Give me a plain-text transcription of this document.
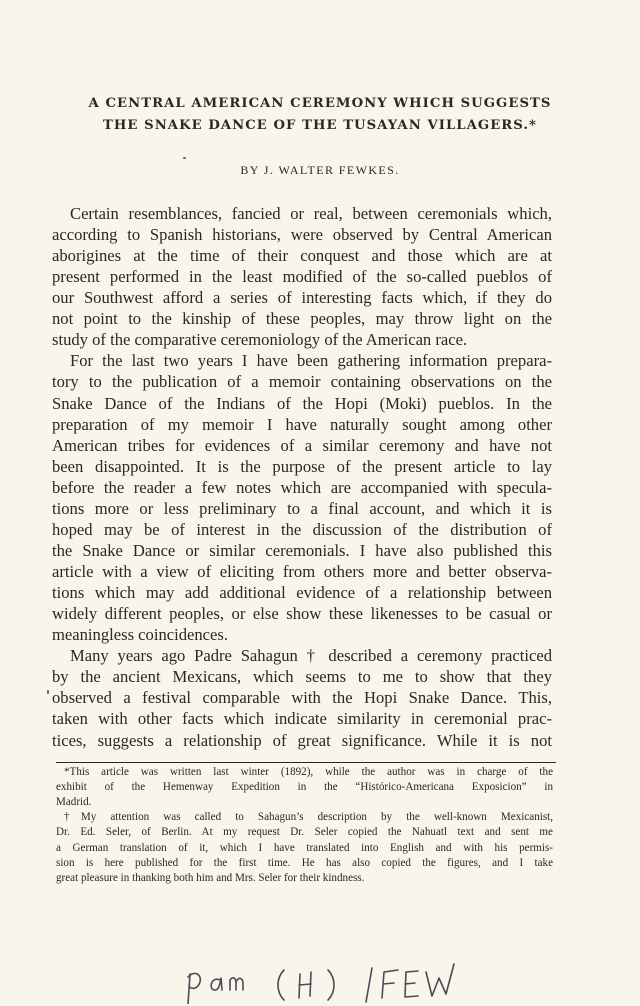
A CENTRAL AMERICAN CEREMONY WHICH SUGGESTS
THE SNAKE DANCE OF THE TUSAYAN VILLAGERS.*
BY J. WALTER FEWKES.
Certain resemblances, fancied or real, between ceremonials which,
according to Spanish historians, were observed by Central American
aborigines at the time of their conquest and those which are at
present performed in the least modified of the so-called pueblos of
our Southwest afford a series of interesting facts which, if they do
not point to the kinship of these peoples, may throw light on the
study of the comparative ceremoniology of the American race.
For the last two years I have been gathering information prepara-
tory to the publication of a memoir containing observations on the
Snake Dance of the Indians of the Hopi (Moki) pueblos. In the
preparation of my memoir I have naturally sought among other
American tribes for evidences of a similar ceremony and have not
been disappointed. It is the purpose of the present article to lay
before the reader a few notes which are accompanied with specula-
tions more or less preliminary to a final account, and which it is
hoped may be of interest in the discussion of the distribution of
the Snake Dance or similar ceremonials. I have also published this
article with a view of eliciting from others more and better observa-
tions which may add additional evidence of a relationship between
widely different peoples, or else show these likenesses to be casual or
meaningless coincidences.
Many years ago Padre Sahagun † described a ceremony practiced
by the ancient Mexicans, which seems to me to show that they
observed a festival comparable with the Hopi Snake Dance. This,
taken with other facts which indicate similarity in ceremonial prac-
tices, suggests a relationship of great significance. While it is not
*This article was written last winter (1892), while the author was in charge of the
exhibit of the Hemenway Expedition in the “Histórico-Americana Exposicion” in
Madrid.
†My attention was called to Sahagun’s description by the well-known Mexicanist,
Dr. Ed. Seler, of Berlin. At my request Dr. Seler copied the Nahuatl text and sent me
a German translation of it, which I have translated into English and with his permis-
sion is here published for the first time. He has also copied the figures, and I take
great pleasure in thanking both him and Mrs. Seler for their kindness.
